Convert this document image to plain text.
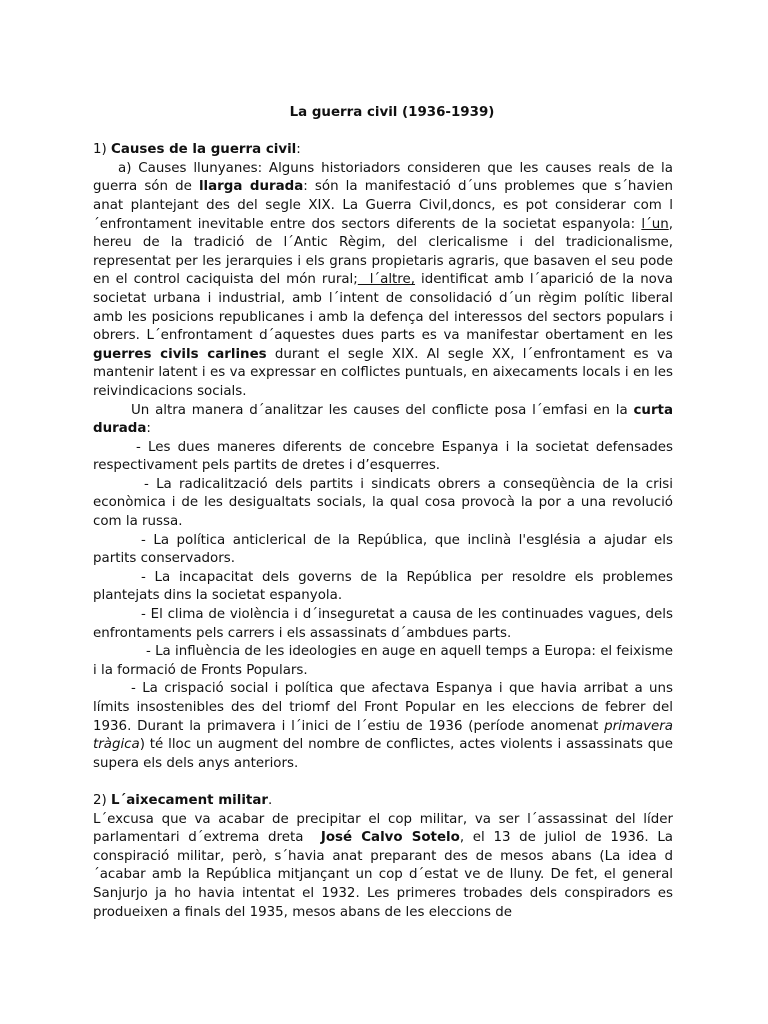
La guerra civil (1936-1939)

1) Causes de la guerra civil:

a) Causes llunyanes: Alguns historiadors consideren que les causes reals de la guerra són de llarga durada: són la manifestació d´uns problemes que s´havien anat plantejant des del segle XIX. La Guerra Civil,doncs, es pot considerar com l´enfrontament inevitable entre dos sectors diferents de la societat espanyola: l´un, hereu de la tradició de l´Antic Règim, del clericalisme i del tradicionalisme, representat per les jerarquies i els grans propietaris agraris, que basaven el seu pode en el control caciquista del món rural;  l´altre, identificat amb l´aparició de la nova societat urbana i industrial, amb l´intent de consolidació d´un règim polític liberal amb les posicions republicanes i amb la defença del interessos del sectors populars i obrers. L´enfrontament d´aquestes dues parts es va manifestar obertament en les guerres civils carlines durant el segle XIX. Al segle XX, l´enfrontament es va mantenir latent i es va expressar en colflictes puntuals, en aixecaments locals i en les reivindicacions socials.

Un altra manera d´analitzar les causes del conflicte posa l´emfasi en la curta durada:

- Les dues maneres diferents de concebre Espanya i la societat defensades respectivament pels partits de dretes i d’esquerres.

- La radicalització dels partits i sindicats obrers a conseqüència de la crisi econòmica i de les desigualtats socials, la qual cosa provocà la por a una revolució com la russa.

- La política anticlerical de la República, que inclinà l'església a ajudar els partits conservadors.

- La incapacitat dels governs de la República per resoldre els problemes plantejats dins la societat espanyola.

- El clima de violència i d´inseguretat a causa de les continuades vagues, dels enfrontaments pels carrers i els assassinats d´ambdues parts.

- La influència de les ideologies en auge en aquell temps a Europa: el feixisme i la formació de Fronts Populars.

- La crispació social i política que afectava Espanya i que havia arribat a uns límits insostenibles des del triomf del Front Popular en les eleccions de febrer del 1936. Durant la primavera i l´inici de l´estiu de 1936 (període anomenat primavera tràgica) té lloc un augment del nombre de conflictes, actes violents i assassinats que supera els dels anys anteriors.

2) L´aixecament militar.

L´excusa que va acabar de precipitar el cop militar, va ser l´assassinat del líder parlamentari d´extrema dreta  José Calvo Sotelo, el 13 de juliol de 1936. La conspiració militar, però, s´havia anat preparant des de mesos abans (La idea d´acabar amb la República mitjançant un cop d´estat ve de lluny. De fet, el general Sanjurjo ja ho havia intentat el 1932. Les primeres trobades dels conspiradors es produeixen a finals del 1935, mesos abans de les eleccions de
